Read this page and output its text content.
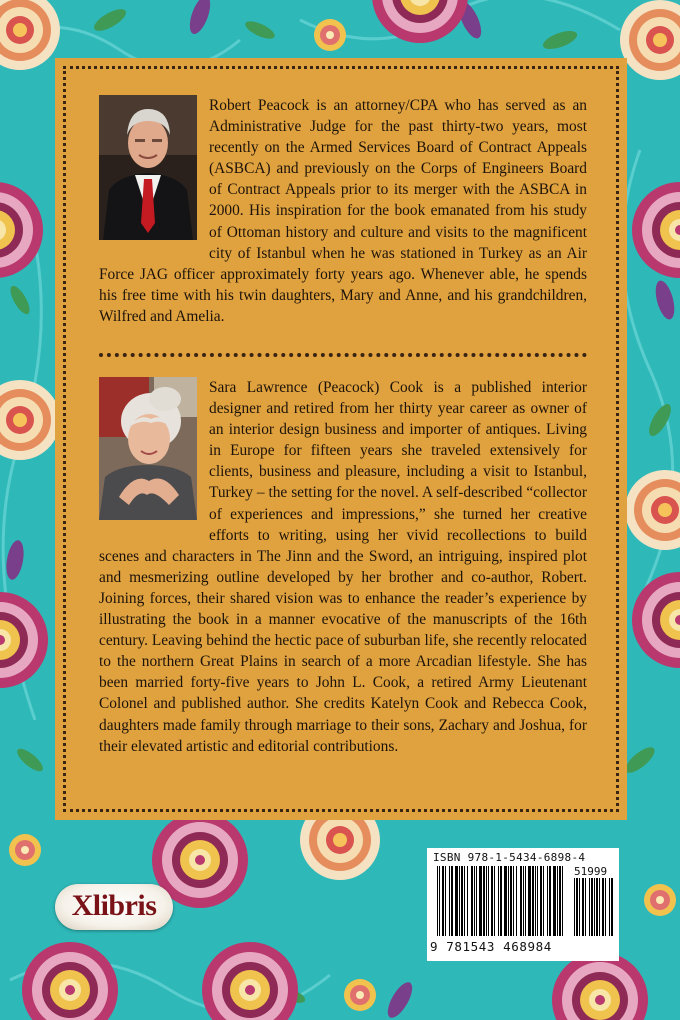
Robert Peacock is an attorney/CPA who has served as an Administrative Judge for the past thirty-two years, most recently on the Armed Services Board of Contract Appeals (ASBCA) and previously on the Corps of Engineers Board of Contract Appeals prior to its merger with the ASBCA in 2000. His inspiration for the book emanated from his study of Ottoman history and culture and visits to the magnificent city of Istanbul when he was stationed in Turkey as an Air Force JAG officer approximately forty years ago. Whenever able, he spends his free time with his twin daughters, Mary and Anne, and his grandchildren, Wilfred and Amelia.
Sara Lawrence (Peacock) Cook is a published interior designer and retired from her thirty year career as owner of an interior design business and importer of antiques. Living in Europe for fifteen years she traveled extensively for clients, business and pleasure, including a visit to Istanbul, Turkey – the setting for the novel. A self-described “collector of experiences and impressions,” she turned her creative efforts to writing, using her vivid recollections to build scenes and characters in The Jinn and the Sword, an intriguing, inspired plot and mesmerizing outline developed by her brother and co-author, Robert. Joining forces, their shared vision was to enhance the reader’s experience by illustrating the book in a manner evocative of the manuscripts of the 16th century. Leaving behind the hectic pace of suburban life, she recently relocated to the northern Great Plains in search of a more Arcadian lifestyle. She has been married forty-five years to John L. Cook, a retired Army Lieutenant Colonel and published author. She credits Katelyn Cook and Rebecca Cook, daughters made family through marriage to their sons, Zachary and Joshua, for their elevated artistic and editorial contributions.
Xlibris
ISBN 978-1-5434-6898-4
51999
9 781543 468984
